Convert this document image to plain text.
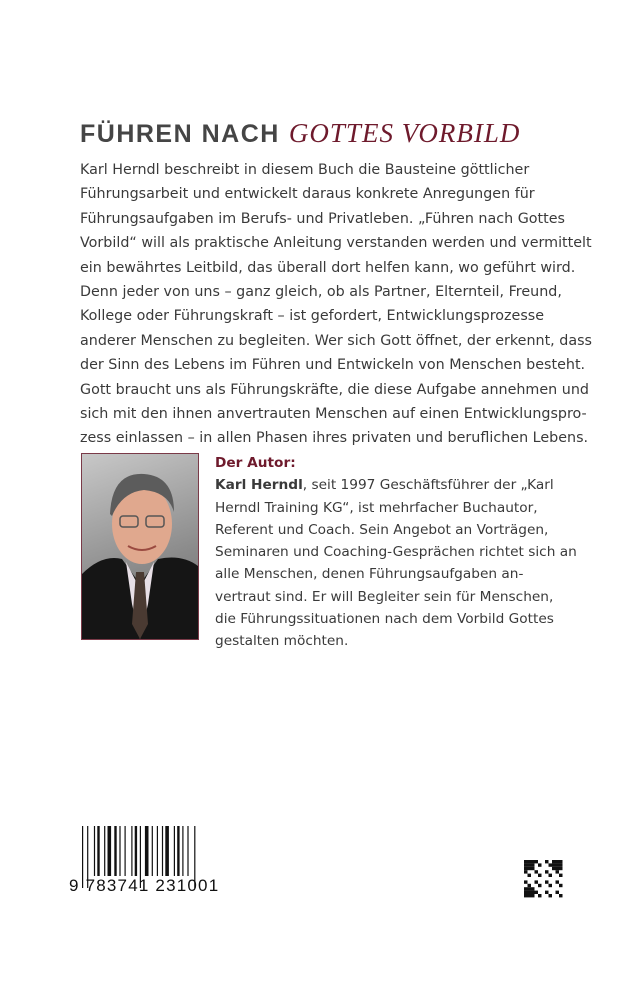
FÜHREN NACH GOTTES VORBILD
Karl Herndl beschreibt in diesem Buch die Bausteine göttlicher
Führungsarbeit und entwickelt daraus konkrete Anregungen für
Führungsaufgaben im Berufs- und Privatleben. „Führen nach Gottes
Vorbild“ will als praktische Anleitung verstanden werden und vermittelt
ein bewährtes Leitbild, das überall dort helfen kann, wo geführt wird.
Denn jeder von uns – ganz gleich, ob als Partner, Elternteil, Freund,
Kollege oder Führungskraft – ist gefordert, Entwicklungsprozesse
anderer Menschen zu begleiten. Wer sich Gott öffnet, der erkennt, dass
der Sinn des Lebens im Führen und Entwickeln von Menschen besteht.
Gott braucht uns als Führungskräfte, die diese Aufgabe annehmen und
sich mit den ihnen anvertrauten Menschen auf einen Entwicklungspro-
zess einlassen – in allen Phasen ihres privaten und beruflichen Lebens.
Der Autor:
Karl Herndl, seit 1997 Geschäftsführer der „Karl
Herndl Training KG“, ist mehrfacher Buchautor,
Referent und Coach. Sein Angebot an Vorträgen,
Seminaren und Coaching-Gesprächen richtet sich an
alle Menschen, denen Führungsaufgaben an-
vertraut sind. Er will Begleiter sein für Menschen,
die Führungssituationen nach dem Vorbild Gottes
gestalten möchten.
9 783741 231001
